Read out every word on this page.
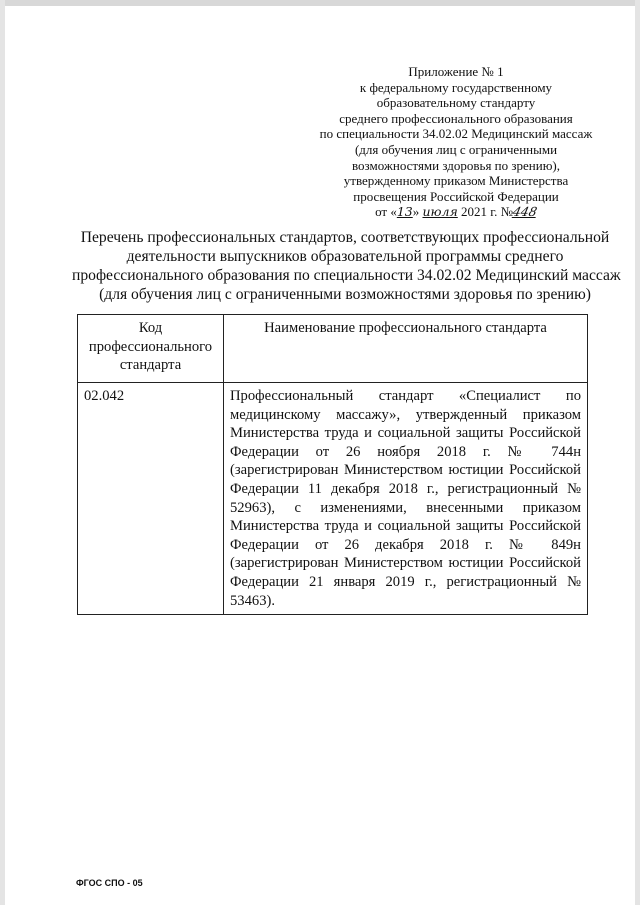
Приложение № 1
к федеральному государственному
образовательному стандарту
среднего профессионального образования
по специальности 34.02.02 Медицинский массаж
(для обучения лиц с ограниченными
возможностями здоровья по зрению),
утвержденному приказом Министерства
просвещения Российской Федерации
от «13» июля 2021 г. №448
Перечень профессиональных стандартов, соответствующих профессиональной
деятельности выпускников образовательной программы среднего
профессионального образования по специальности 34.02.02 Медицинский массаж
(для обучения лиц с ограниченными возможностями здоровья по зрению)
Код
профессионального
стандарта	Наименование профессионального стандарта
02.042	Профессиональный стандарт «Специалист по медицинскому массажу», утвержденный приказом Министерства труда и социальной защиты Российской Федерации от 26 ноября 2018 г. № 744н (зарегистрирован Министерством юстиции Российской Федерации 11 декабря 2018 г., регистрационный № 52963), с изменениями, внесенными приказом Министерства труда и социальной защиты Российской Федерации от 26 декабря 2018 г. № 849н (зарегистрирован Министерством юстиции Российской Федерации 21 января 2019 г., регистрационный № 53463).
ФГОС СПО - 05
